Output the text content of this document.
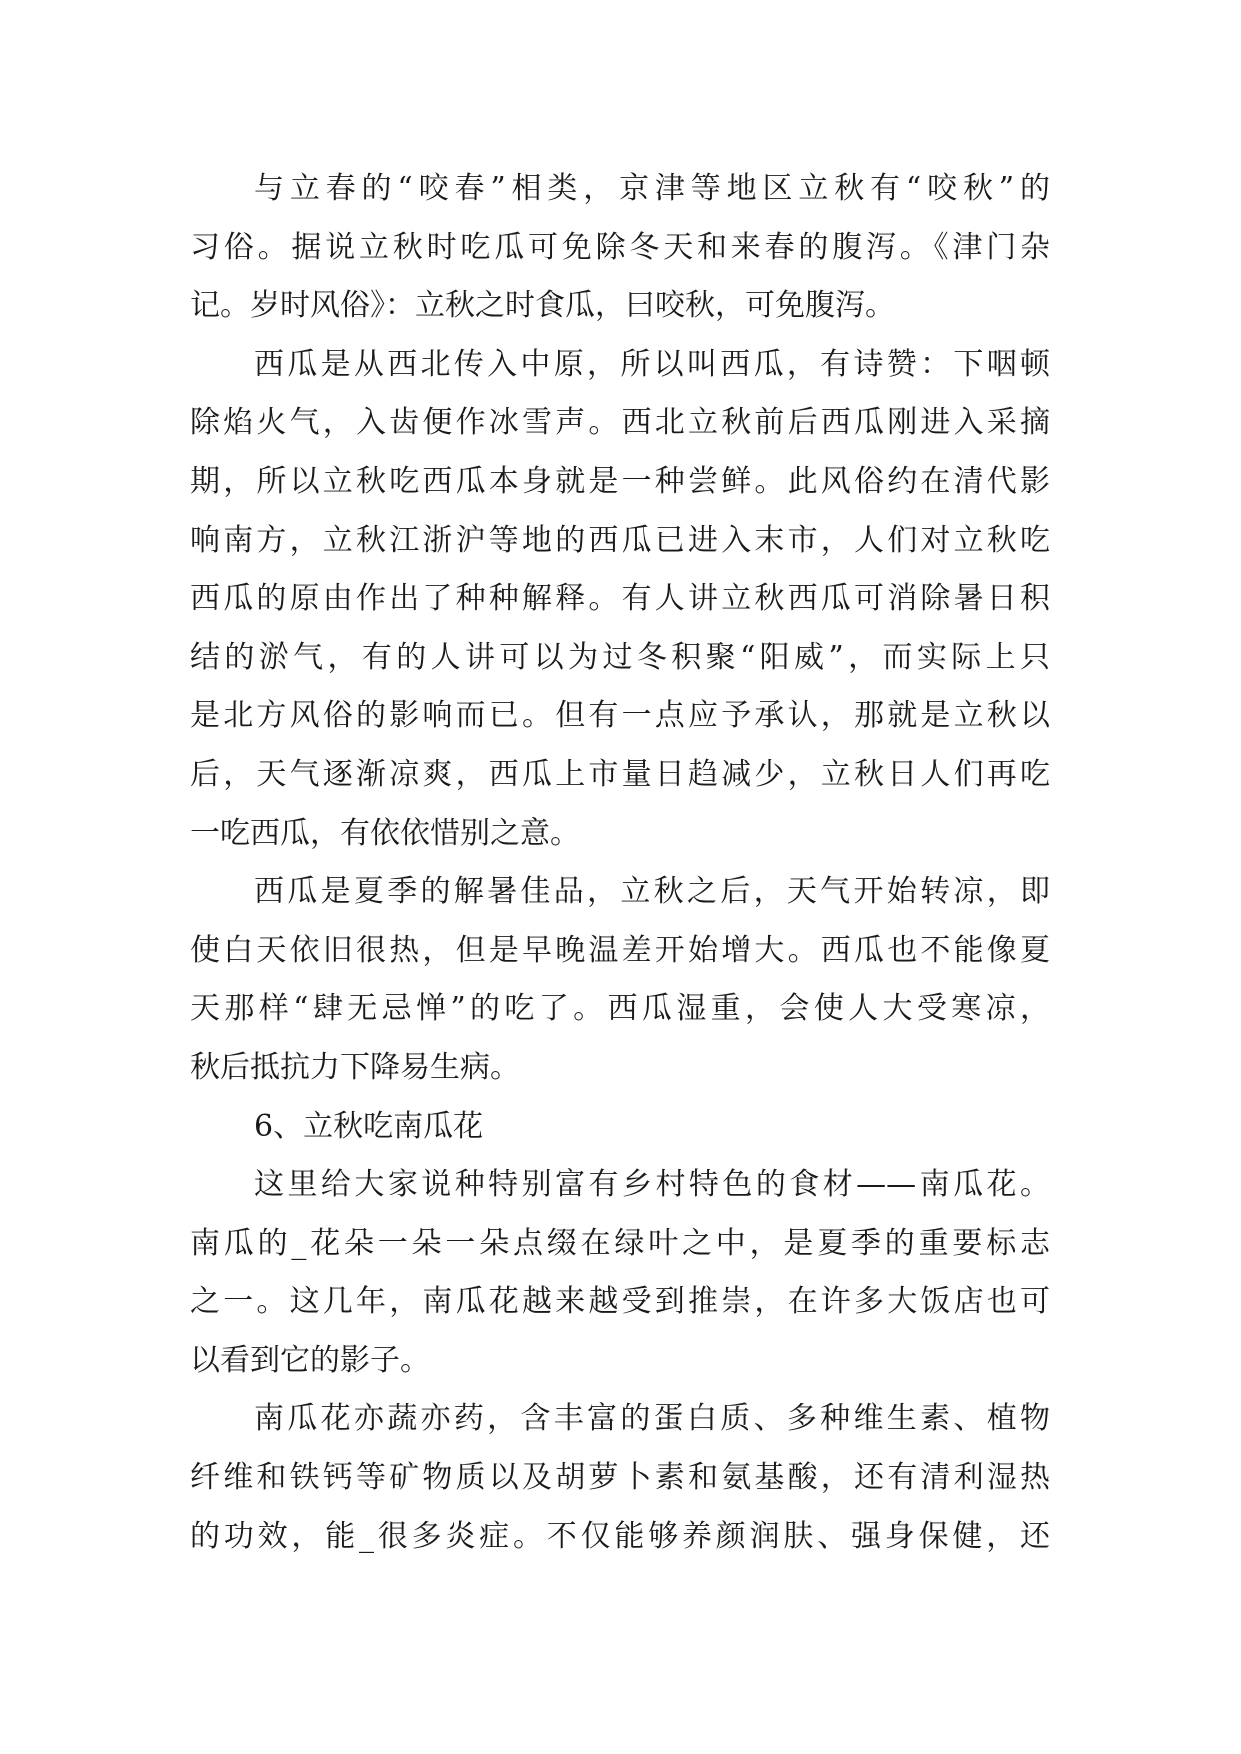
与立春的“咬春”相类，京津等地区立秋有“咬秋”的
习俗。据说立秋时吃瓜可免除冬天和来春的腹泻。《津门杂
记。岁时风俗》：立秋之时食瓜，曰咬秋，可免腹泻。
西瓜是从西北传入中原，所以叫西瓜，有诗赞：下咽顿
除焰火气，入齿便作冰雪声。西北立秋前后西瓜刚进入采摘
期，所以立秋吃西瓜本身就是一种尝鲜。此风俗约在清代影
响南方，立秋江浙沪等地的西瓜已进入末市，人们对立秋吃
西瓜的原由作出了种种解释。有人讲立秋西瓜可消除暑日积
结的淤气，有的人讲可以为过冬积聚“阳威”，而实际上只
是北方风俗的影响而已。但有一点应予承认，那就是立秋以
后，天气逐渐凉爽，西瓜上市量日趋减少，立秋日人们再吃
一吃西瓜，有依依惜别之意。
西瓜是夏季的解暑佳品，立秋之后，天气开始转凉，即
使白天依旧很热，但是早晚温差开始增大。西瓜也不能像夏
天那样“肆无忌惮”的吃了。西瓜湿重，会使人大受寒凉，
秋后抵抗力下降易生病。
6、立秋吃南瓜花
这里给大家说种特别富有乡村特色的食材——南瓜花。
南瓜的_花朵一朵一朵点缀在绿叶之中，是夏季的重要标志
之一。这几年，南瓜花越来越受到推崇，在许多大饭店也可
以看到它的影子。
南瓜花亦蔬亦药，含丰富的蛋白质、多种维生素、植物
纤维和铁钙等矿物质以及胡萝卜素和氨基酸，还有清利湿热
的功效，能_很多炎症。不仅能够养颜润肤、强身保健，还
